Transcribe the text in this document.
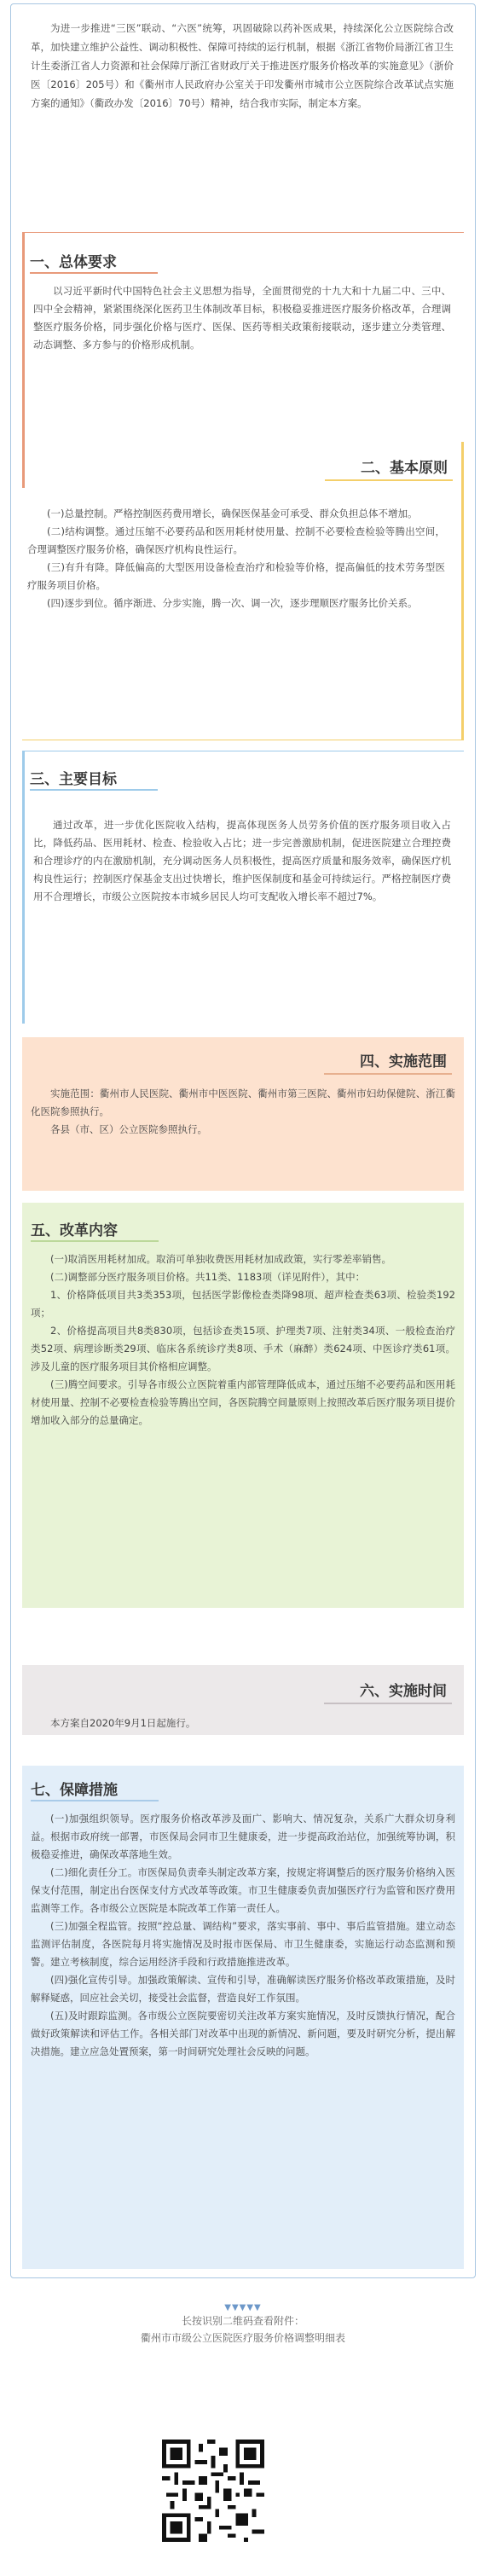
为进一步推进“三医”联动、“六医”统筹，巩固破除以药补医成果，持续深化公立医院综合改革，加快建立维护公益性、调动积极性、保障可持续的运行机制，根据《浙江省物价局浙江省卫生计生委浙江省人力资源和社会保障厅浙江省财政厅关于推进医疗服务价格改革的实施意见》（浙价医〔2016〕205号）和《衢州市人民政府办公室关于印发衢州市城市公立医院综合改革试点实施方案的通知》（衢政办发〔2016〕70号）精神，结合我市实际，制定本方案。

一、总体要求

以习近平新时代中国特色社会主义思想为指导，全面贯彻党的十九大和十九届二中、三中、四中全会精神，紧紧围绕深化医药卫生体制改革目标，积极稳妥推进医疗服务价格改革，合理调整医疗服务价格，同步强化价格与医疗、医保、医药等相关政策衔接联动，逐步建立分类管理、动态调整、多方参与的价格形成机制。

二、基本原则

(一)总量控制。严格控制医药费用增长，确保医保基金可承受、群众负担总体不增加。

(二)结构调整。通过压缩不必要药品和医用耗材使用量、控制不必要检查检验等腾出空间，合理调整医疗服务价格，确保医疗机构良性运行。

(三)有升有降。降低偏高的大型医用设备检查治疗和检验等价格，提高偏低的技术劳务型医疗服务项目价格。

(四)逐步到位。循序渐进、分步实施，腾一次、调一次，逐步理顺医疗服务比价关系。

三、主要目标

通过改革，进一步优化医院收入结构，提高体现医务人员劳务价值的医疗服务项目收入占比，降低药品、医用耗材、检查、检验收入占比；进一步完善激励机制，促进医院建立合理控费和合理诊疗的内在激励机制，充分调动医务人员积极性，提高医疗质量和服务效率，确保医疗机构良性运行；控制医疗保基金支出过快增长，维护医保制度和基金可持续运行。严格控制医疗费用不合理增长，市级公立医院按本市城乡居民人均可支配收入增长率不超过7%。

四、实施范围

实施范围：衢州市人民医院、衢州市中医医院、衢州市第三医院、衢州市妇幼保健院、浙江衢化医院参照执行。

各县（市、区）公立医院参照执行。

五、改革内容

(一)取消医用耗材加成。取消可单独收费医用耗材加成政策，实行零差率销售。

(二)调整部分医疗服务项目价格。共11类、1183项（详见附件），其中：

1、价格降低项目共3类353项，包括医学影像检查类降98项、超声检查类63项、检验类192项；

2、价格提高项目共8类830项，包括诊查类15项、护理类7项、注射类34项、一般检查治疗类52项、病理诊断类29项、临床各系统诊疗类8项、手术（麻醉）类624项、中医诊疗类61项。涉及儿童的医疗服务项目其价格相应调整。

(三)腾空间要求。引导各市级公立医院着重内部管理降低成本，通过压缩不必要药品和医用耗材使用量、控制不必要检查检验等腾出空间，各医院腾空间量原则上按照改革后医疗服务项目提价增加收入部分的总量确定。

六、实施时间

本方案自2020年9月1日起施行。

七、保障措施

(一)加强组织领导。医疗服务价格改革涉及面广、影响大、情况复杂，关系广大群众切身利益。根据市政府统一部署，市医保局会同市卫生健康委，进一步提高政治站位，加强统筹协调，积极稳妥推进，确保改革落地生效。

(二)细化责任分工。市医保局负责牵头制定改革方案，按规定将调整后的医疗服务价格纳入医保支付范围，制定出台医保支付方式改革等政策。市卫生健康委负责加强医疗行为监管和医疗费用监测等工作。各市级公立医院是本院改革工作第一责任人。

(三)加强全程监管。按照“控总量、调结构”要求，落实事前、事中、事后监管措施。建立动态监测评估制度，各医院每月将实施情况及时报市医保局、市卫生健康委，实施运行动态监测和预警。建立考核制度，综合运用经济手段和行政措施推进改革。

(四)强化宣传引导。加强政策解读、宣传和引导，准确解读医疗服务价格改革政策措施，及时解释疑惑，回应社会关切，接受社会监督，营造良好工作氛围。

(五)及时跟踪监测。各市级公立医院要密切关注改革方案实施情况，及时反馈执行情况，配合做好政策解读和评估工作。各相关部门对改革中出现的新情况、新问题，要及时研究分析，提出解决措施。建立应急处置预案，第一时间研究处理社会反映的问题。

▼▼▼▼▼
长按识别二维码查看附件：
衢州市市级公立医院医疗服务价格调整明细表
